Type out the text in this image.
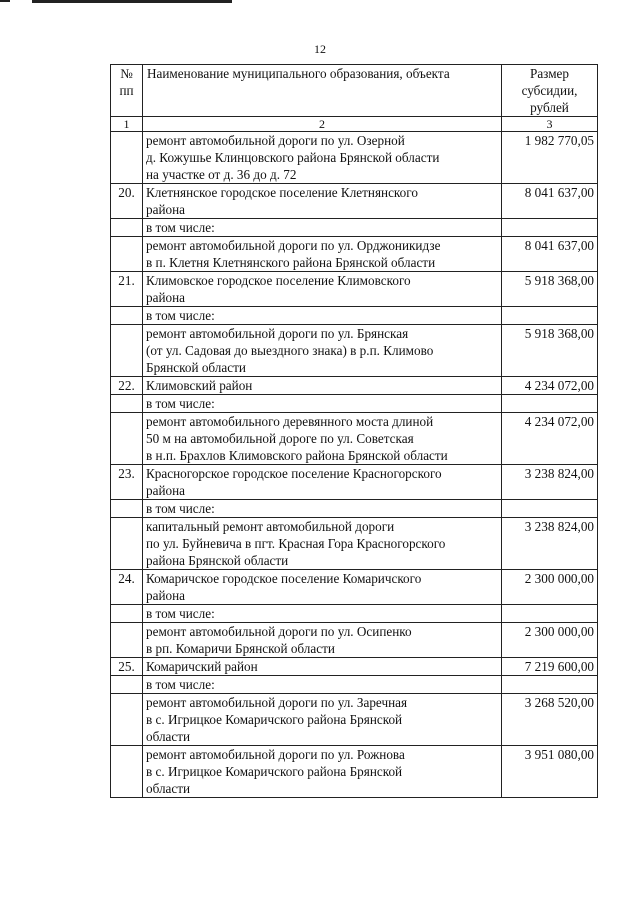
12
№
пп	Наименование муниципального образования, объекта	Размер
субсидии,
рублей
1	2	3
	ремонт автомобильной дороги по ул. Озерной
д. Кожушье Клинцовского района Брянской области
на участке от д. 36 до д. 72	1 982 770,05
20.	Клетнянское городское поселение Клетнянского
района	8 041 637,00
	в том числе:	
	ремонт автомобильной дороги по ул. Орджоникидзе
в п. Клетня Клетнянского района Брянской области	8 041 637,00
21.	Климовское городское поселение Климовского
района	5 918 368,00
	в том числе:	
	ремонт автомобильной дороги по ул. Брянская
(от ул. Садовая до выездного знака) в р.п. Климово
Брянской области	5 918 368,00
22.	Климовский район	4 234 072,00
	в том числе:	
	ремонт автомобильного деревянного моста длиной
50 м на автомобильной дороге по ул. Советская
в н.п. Брахлов Климовского района Брянской области	4 234 072,00
23.	Красногорское городское поселение Красногорского
района	3 238 824,00
	в том числе:	
	капитальный ремонт автомобильной дороги
по ул. Буйневича в пгт. Красная Гора Красногорского
района Брянской области	3 238 824,00
24.	Комаричское городское поселение Комаричского
района	2 300 000,00
	в том числе:	
	ремонт автомобильной дороги по ул. Осипенко
в рп. Комаричи Брянской области	2 300 000,00
25.	Комаричский район	7 219 600,00
	в том числе:	
	ремонт автомобильной дороги по ул. Заречная
в с. Игрицкое Комаричского района Брянской
области	3 268 520,00
	ремонт автомобильной дороги по ул. Рожнова
в с. Игрицкое Комаричского района Брянской
области	3 951 080,00
